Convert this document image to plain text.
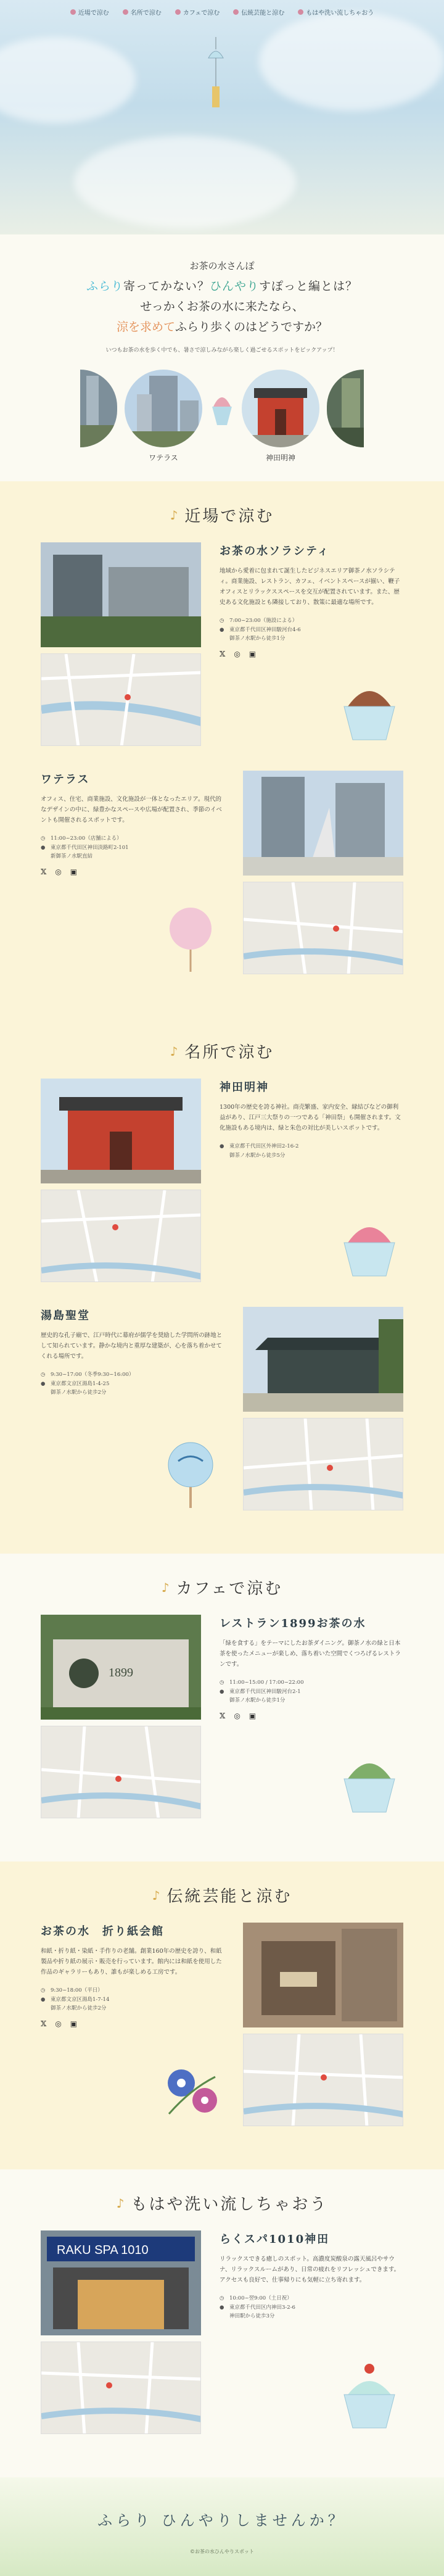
近場で涼む	名所で涼む	カフェで涼む	伝統芸能と涼む	もはや洗い流しちゃおう
お茶の水さんぽ
ふらり寄ってかない？ひんやりすぽっと編とは？
せっかくお茶の水に来たなら、
涼を求めてふらり歩くのはどうですか？
いつもお茶の水を歩く中でも、暑さで涼しみながら楽しく過ごせるスポットをピックアップ！
ワテラス	神田明神
♪ 近場で涼む
お茶の水ソラシティ

地域から愛着に包まれて誕生したビジネスエリア御茶ノ水ソラシティ。商業施設、レストラン、カフェ、イベントスペースが揃い、鞭子オフィスとリラックススペースを交互が配置されています。また、歴史ある文化施設とも隣接しており、散策に最適な場所です。

◷	7:00~23:00（施設による）
●	東京都千代田区神田駿河台4-6
御茶ノ水駅から徒歩1分
𝕏 ◎ ▣
ワテラス

オフィス、住宅、商業施設、文化施設が一体となったエリア。現代的なデザインの中に、緑豊かなスペースや広場が配置され、季節のイベントも開催されるスポットです。

◷	11:00~23:00（店舗による）
●	東京都千代田区神田淡路町2-101
新御茶ノ水駅直結
𝕏 ◎ ▣
♪ 名所で涼む
神田明神

1300年の歴史を誇る神社。商売繁盛、家内安全、縁結びなどの御利益があり、江戸三大祭りの一つである「神田祭」も開催されます。文化施設もある境内は、緑と朱色の対比が美しいスポットです。

●	東京都千代田区外神田2-16-2
御茶ノ水駅から徒歩5分
湯島聖堂

歴史的な孔子廟で、江戸時代に幕府が儒学を奨励した学問所の跡地として知られています。静かな境内と重厚な建築が、心を落ち着かせてくれる場所です。

◷	9:30~17:00（冬季9:30~16:00）
●	東京都文京区湯島1-4-25
御茶ノ水駅から徒歩2分
♪ カフェで涼む
1899
レストラン1899お茶の水

「緑を食する」をテーマにしたお茶ダイニング。御茶ノ水の緑と日本茶を使ったメニューが楽しめ、落ち着いた空間でくつろげるレストランです。

◷	11:00~15:00 / 17:00~22:00
●	東京都千代田区神田駿河台2-1
御茶ノ水駅から徒歩1分
𝕏 ◎ ▣
♪ 伝統芸能と涼む
お茶の水　折り紙会館

和紙・折り紙・染紙・手作りの老舗。創業160年の歴史を誇り、和紙製品や折り紙の展示・販売を行っています。館内には和紙を使用した作品のギャラリーもあり、誰もが楽しめる工房です。

◷	9:30~18:00（平日）
●	東京都文京区湯島1-7-14
御茶ノ水駅から徒歩2分
𝕏 ◎ ▣
♪ もはや洗い流しちゃおう
RAKU SPA 1010
らくスパ1010神田

リラックスできる癒しのスポット。高濃度炭酸泉の露天風呂やサウナ、リラックスルームがあり、日常の疲れをリフレッシュできます。アクセスも良好で、仕事帰りにも気軽に立ち寄れます。

◷	10:00~翌9:00（土日祝）
●	東京都千代田区内神田3-2-6
神田駅から徒歩3分
ふらり ひんやりしませんか？
©お茶の水ひんやりスポット
